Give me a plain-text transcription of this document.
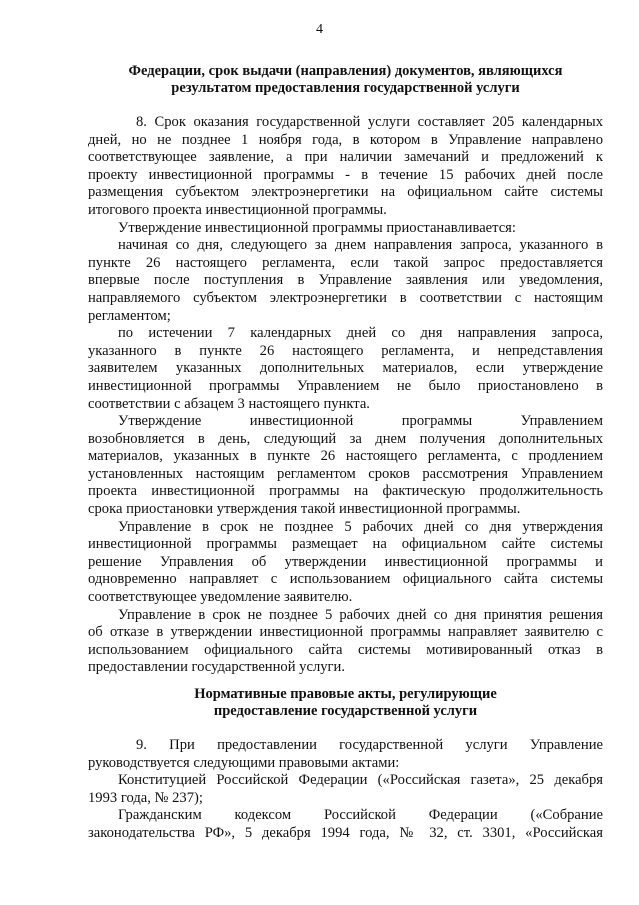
4
Федерации, срок выдачи (направления) документов, являющихся
результатом предоставления государственной услуги
8. Срок оказания государственной услуги составляет 205 календарных
дней, но не позднее 1 ноября года, в котором в Управление направлено
соответствующее заявление, а при наличии замечаний и предложений к
проекту инвестиционной программы - в течение 15 рабочих дней после
размещения субъектом электроэнергетики на официальном сайте системы
итогового проекта инвестиционной программы.
Утверждение инвестиционной программы приостанавливается:
начиная со дня, следующего за днем направления запроса, указанного в
пункте 26 настоящего регламента, если такой запрос предоставляется
впервые после поступления в Управление заявления или уведомления,
направляемого субъектом электроэнергетики в соответствии с настоящим
регламентом;
по истечении 7 календарных дней со дня направления запроса,
указанного в пункте 26 настоящего регламента, и непредставления
заявителем указанных дополнительных материалов, если утверждение
инвестиционной программы Управлением не было приостановлено в
соответствии с абзацем 3 настоящего пункта.
Утверждение инвестиционной программы Управлением
возобновляется в день, следующий за днем получения дополнительных
материалов, указанных в пункте 26 настоящего регламента, с продлением
установленных настоящим регламентом сроков рассмотрения Управлением
проекта инвестиционной программы на фактическую продолжительность
срока приостановки утверждения такой инвестиционной программы.
Управление в срок не позднее 5 рабочих дней со дня утверждения
инвестиционной программы размещает на официальном сайте системы
решение Управления об утверждении инвестиционной программы и
одновременно направляет с использованием официального сайта системы
соответствующее уведомление заявителю.
Управление в срок не позднее 5 рабочих дней со дня принятия решения
об отказе в утверждении инвестиционной программы направляет заявителю с
использованием официального сайта системы мотивированный отказ в
предоставлении государственной услуги.
Нормативные правовые акты, регулирующие
предоставление государственной услуги
9. При предоставлении государственной услуги Управление
руководствуется следующими правовыми актами:
Конституцией Российской Федерации («Российская газета», 25 декабря
1993 года, № 237);
Гражданским кодексом Российской Федерации («Собрание
законодательства РФ», 5 декабря 1994 года, № 32, ст. 3301, «Российская
